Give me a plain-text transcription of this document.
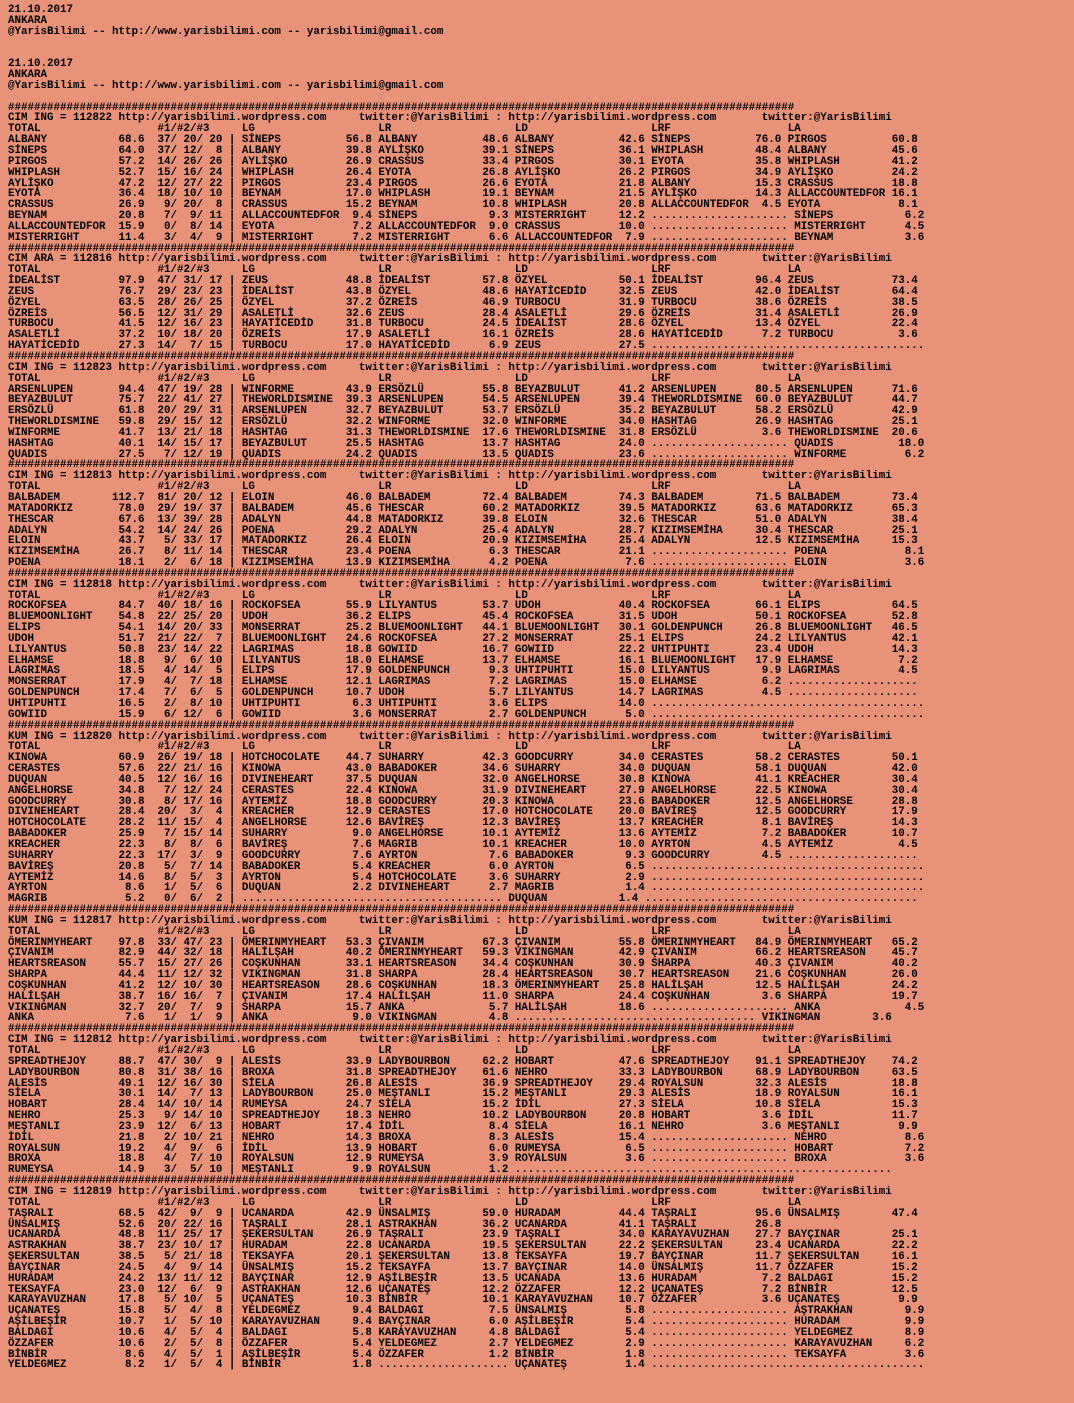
21.10.2017
ANKARA
@YarisBilimi -- http://www.yarisbilimi.com -- yarisbilimi@gmail.com

21.10.2017
ANKARA
@YarisBilimi -- http://www.yarisbilimi.com -- yarisbilimi@gmail.com

#########################################################################################################################
CIM ING = 112822 http://yarisbilimi.wordpress.com     twitter:@YarisBilimi : http://yarisbilimi.wordpress.com       twitter:@YarisBilimi
TOTAL                  #1/#2/#3     LG                   LR                   LD                   LRF                  LA
ALBANY           68.6  37/ 20/ 20 | SİNEPS          56.8 ALBANY          48.6 ALBANY          42.6 SİNEPS          76.0 PIRGOS          60.8
SİNEPS           64.0  37/ 12/  8 | ALBANY          39.8 AYLİŞKO         39.1 SİNEPS          36.1 WHIPLASH        48.4 ALBANY          45.6
PIRGOS           57.2  14/ 26/ 26 | AYLİŞKO         26.9 CRASSUS         33.4 PIRGOS          30.1 EYOTA           35.8 WHIPLASH        41.2
WHIPLASH         52.7  15/ 16/ 24 | WHIPLASH        26.4 EYOTA           26.8 AYLİŞKO         26.2 PIRGOS          34.9 AYLİŞKO         24.2
AYLİŞKO          47.2  12/ 27/ 22 | PIRGOS          23.4 PIRGOS          26.6 EYOTA           21.8 ALBANY          15.3 CRASSUS         18.8
EYOTA            36.4  18/ 10/ 10 | BEYNAM          17.0 WHIPLASH        19.1 BEYNAM          21.5 AYLİŞKO         14.3 ALLACCOUNTEDFOR 16.1
CRASSUS          26.9   9/ 20/  8 | CRASSUS         15.2 BEYNAM          10.8 WHIPLASH        20.8 ALLACCOUNTEDFOR  4.5 EYOTA            8.1
BEYNAM           20.8   7/  9/ 11 | ALLACCOUNTEDFOR  9.4 SİNEPS           9.3 MISTERRIGHT     12.2 ..................... SİNEPS           6.2
ALLACCOUNTEDFOR  15.9   0/  8/ 14 | EYOTA            7.2 ALLACCOUNTEDFOR  9.0 CRASSUS         10.0 ..................... MISTERRIGHT      4.5
MISTERRIGHT      11.4   3/  4/  9 | MISTERRIGHT      7.2 MISTERRIGHT      6.6 ALLACCOUNTEDFOR  7.9 ..................... BEYNAM           3.6
#########################################################################################################################
CIM ARA = 112816 http://yarisbilimi.wordpress.com     twitter:@YarisBilimi : http://yarisbilimi.wordpress.com       twitter:@YarisBilimi
TOTAL                  #1/#2/#3     LG                   LR                   LD                   LRF                  LA
İDEALİST         97.9  47/ 31/ 17 | ZEUS            48.8 İDEALİST        57.8 ÖZYEL           50.1 İDEALİST        96.4 ZEUS            73.4
ZEUS             76.7  29/ 23/ 23 | İDEALİST        43.8 ÖZYEL           48.6 HAYATİCEDİD     32.5 ZEUS            42.0 İDEALİST        64.4
ÖZYEL            63.5  28/ 26/ 25 | ÖZYEL           37.2 ÖZREİS          46.9 TURBOCU         31.9 TURBOCU         38.6 ÖZREİS          38.5
ÖZREİS           56.5  12/ 31/ 29 | ASALETLİ        32.6 ZEUS            28.4 ASALETLİ        29.6 ÖZREİS          31.4 ASALETLİ        26.9
TURBOCU          41.5  12/ 16/ 23 | HAYATİCEDİD     31.8 TURBOCU         24.5 İDEALİST        28.6 ÖZYEL           13.4 ÖZYEL           22.4
ASALETLİ         37.2  10/ 18/ 20 | ÖZREİS          17.9 ASALETLİ        16.1 ÖZREİS          28.6 HAYATİCEDİD      7.2 TURBOCU          3.6
HAYATİCEDİD      27.3  14/  7/ 15 | TURBOCU         17.0 HAYATİCEDİD      6.9 ZEUS            27.5 ..........................................
#########################################################################################################################
CIM ING = 112823 http://yarisbilimi.wordpress.com     twitter:@YarisBilimi : http://yarisbilimi.wordpress.com       twitter:@YarisBilimi
TOTAL                  #1/#2/#3     LG                   LR                   LD                   LRF                  LA
ARSENLUPEN       94.4  47/ 19/ 28 | WINFORME        43.9 ERSÖZLÜ         55.8 BEYAZBULUT      41.2 ARSENLUPEN      80.5 ARSENLUPEN      71.6
BEYAZBULUT       75.7  22/ 41/ 27 | THEWORLDISMINE  39.3 ARSENLUPEN      54.5 ARSENLUPEN      39.4 THEWORLDISMINE  60.0 BEYAZBULUT      44.7
ERSÖZLÜ          61.8  20/ 29/ 31 | ARSENLUPEN      32.7 BEYAZBULUT      53.7 ERSÖZLÜ         35.2 BEYAZBULUT      58.2 ERSÖZLÜ         42.9
THEWORLDISMINE   59.8  29/ 15/ 12 | ERSÖZLÜ         32.2 WINFORME        32.0 WINFORME        34.0 HASHTAG         26.9 HASHTAG         25.1
WINFORME         41.7  13/ 21/ 18 | HASHTAG         31.3 THEWORLDISMINE  17.6 THEWORLDISMINE  31.8 ERSÖZLÜ          3.6 THEWORLDISMINE  20.6
HASHTAG          40.1  14/ 15/ 17 | BEYAZBULUT      25.5 HASHTAG         13.7 HASHTAG         24.0 ..................... QUADIS          18.0
QUADIS           27.5   7/ 12/ 19 | QUADIS          24.2 QUADIS          13.5 QUADIS          23.6 ..................... WINFORME         6.2
#########################################################################################################################
CIM ING = 112813 http://yarisbilimi.wordpress.com     twitter:@YarisBilimi : http://yarisbilimi.wordpress.com       twitter:@YarisBilimi
TOTAL                  #1/#2/#3     LG                   LR                   LD                   LRF                  LA
BALBADEM        112.7  81/ 20/ 12 | ELOIN           46.0 BALBADEM        72.4 BALBADEM        74.3 BALBADEM        71.5 BALBADEM        73.4
MATADORKIZ       78.0  29/ 19/ 37 | BALBADEM        45.6 THESCAR         60.2 MATADORKIZ      39.5 MATADORKIZ      63.6 MATADORKIZ      65.3
THESCAR          67.6  13/ 39/ 28 | ADALYN          44.8 MATADORKIZ      39.8 ELOIN           32.6 THESCAR         51.0 ADALYN          38.4
ADALYN           54.2  14/ 24/ 26 | POENA           29.2 ADALYN          25.4 ADALYN          28.7 KIZIMSEMİHA     30.4 THESCAR         25.1
ELOIN            43.7   5/ 33/ 17 | MATADORKIZ      26.4 ELOIN           20.9 KIZIMSEMİHA     25.4 ADALYN          12.5 KIZIMSEMİHA     15.3
KIZIMSEMİHA      26.7   8/ 11/ 14 | THESCAR         23.4 POENA            6.3 THESCAR         21.1 ..................... POENA            8.1
POENA            18.1   2/  6/ 18 | KIZIMSEMİHA     13.9 KIZIMSEMİHA      4.2 POENA            7.6 ..................... ELOIN            3.6
#########################################################################################################################
CIM ING = 112818 http://yarisbilimi.wordpress.com     twitter:@YarisBilimi : http://yarisbilimi.wordpress.com       twitter:@YarisBilimi
TOTAL                  #1/#2/#3     LG                   LR                   LD                   LRF                  LA
ROCKOFSEA        84.7  40/ 18/ 16 | ROCKOFSEA       55.9 LILYANTUS       53.7 UDOH            40.4 ROCKOFSEA       66.1 ELIPS           64.5
BLUEMOONLIGHT    54.8  22/ 25/ 20 | UDOH            36.2 ELIPS           45.4 ROCKOFSEA       31.5 UDOH            50.1 ROCKOFSEA       52.8
ELIPS            54.1  14/ 20/ 33 | MONSERRAT       25.2 BLUEMOONLIGHT   44.1 BLUEMOONLIGHT   30.1 GOLDENPUNCH     26.8 BLUEMOONLIGHT   46.5
UDOH             51.7  21/ 22/  7 | BLUEMOONLIGHT   24.6 ROCKOFSEA       27.2 MONSERRAT       25.1 ELIPS           24.2 LILYANTUS       42.1
LILYANTUS        50.8  23/ 14/ 22 | LAGRIMAS        18.8 GOWIID          16.7 GOWIID          22.2 UHTIPUHTI       23.4 UDOH            14.3
ELHAMSE          18.8   9/  6/ 10 | LILYANTUS       18.0 ELHAMSE         13.7 ELHAMSE         16.1 BLUEMOONLIGHT   17.9 ELHAMSE          7.2
LAGRIMAS         18.5   4/ 14/  5 | ELIPS           17.9 GOLDENPUNCH      9.3 UHTIPUHTI       15.0 LILYANTUS        9.9 LAGRIMAS         4.5
MONSERRAT        17.9   4/  7/ 18 | ELHAMSE         12.1 LAGRIMAS         7.2 LAGRIMAS        15.0 ELHAMSE          6.2 ....................
GOLDENPUNCH      17.4   7/  6/  5 | GOLDENPUNCH     10.7 UDOH             5.7 LILYANTUS       14.7 LAGRIMAS         4.5 ....................
UHTIPUHTI        16.5   2/  8/ 10 | UHTIPUHTI        6.3 UHTIPUHTI        3.6 ELIPS           14.0 ..........................................
GOWIID           15.9   6/ 12/  6 | GOWIID           3.6 MONSERRAT        2.7 GOLDENPUNCH      5.0 ..........................................
#########################################################################################################################
KUM ING = 112820 http://yarisbilimi.wordpress.com     twitter:@YarisBilimi : http://yarisbilimi.wordpress.com       twitter:@YarisBilimi
TOTAL                  #1/#2/#3     LG                   LR                   LD                   LRF                  LA
KINOWA           60.9  26/ 19/ 18 | HOTCHOCOLATE    44.7 SUHARRY         42.3 GOODCURRY       34.0 CERASTES        58.2 CERASTES        50.1
CERASTES         57.6  22/ 21/ 16 | KINOWA          43.0 BABADOKER       34.6 SUHARRY         34.0 DUQUAN          58.1 DUQUAN          42.0
DUQUAN           40.5  12/ 16/ 16 | DIVINEHEART     37.5 DUQUAN          32.0 ANGELHORSE      30.8 KINOWA          41.1 KREACHER        30.4
ANGELHORSE       34.8   7/ 12/ 24 | CERASTES        22.4 KINOWA          31.9 DIVINEHEART     27.9 ANGELHORSE      22.5 KINOWA          30.4
GOODCURRY        30.8   8/ 17/ 16 | AYTEMİZ         18.8 GOODCURRY       20.3 KINOWA          23.6 BABADOKER       12.5 ANGELHORSE      28.8
DIVINEHEART      28.4  20/  3/  4 | KREACHER        12.9 CERASTES        17.0 HOTCHOCOLATE    20.0 BAVİREŞ         12.5 GOODCURRY       17.9
HOTCHOCOLATE     28.2  11/ 15/  4 | ANGELHORSE      12.6 BAVİREŞ         12.3 BAVİREŞ         13.7 KREACHER         8.1 BAVİREŞ         14.3
BABADOKER        25.9   7/ 15/ 14 | SUHARRY          9.0 ANGELHORSE      10.1 AYTEMİZ         13.6 AYTEMİZ          7.2 BABADOKER       10.7
KREACHER         22.3   8/  8/  6 | BAVİREŞ          7.6 MAGRIB          10.1 KREACHER        10.0 AYRTON           4.5 AYTEMİZ          4.5
SUHARRY          22.3  17/  3/  9 | GOODCURRY        7.6 AYRTON           7.6 BABADOKER        9.3 GOODCURRY        4.5 ....................
BAVİREŞ          20.8   5/  7/ 14 | BABADOKER        5.4 KREACHER         6.0 AYRTON           6.5 ..........................................
AYTEMİZ          14.6   8/  5/  3 | AYRTON           5.4 HOTCHOCOLATE     3.6 SUHARRY          2.9 ..........................................
AYRTON            8.6   1/  5/  6 | DUQUAN           2.2 DIVINEHEART      2.7 MAGRIB           1.4 ..........................................
MAGRIB            5.2   0/  6/  2 | ........................................ DUQUAN           1.4 ..........................................
#########################################################################################################################
KUM ING = 112817 http://yarisbilimi.wordpress.com     twitter:@YarisBilimi : http://yarisbilimi.wordpress.com       twitter:@YarisBilimi
TOTAL                  #1/#2/#3     LG                   LR                   LD                   LRF                  LA
ÖMERINMYHEART    97.8  33/ 47/ 23 | ÖMERINMYHEART   53.3 ÇIVANIM         67.3 ÇIVANIM         55.8 ÖMERINMYHEART   84.9 ÖMERINMYHEART   65.2
ÇIVANIM          82.9  44/ 32/ 18 | HALİLŞAH        40.2 ÖMERINMYHEART   59.3 VIKINGMAN       42.9 ÇIVANIM         66.2 HEARTSREASON    45.7
HEARTSREASON     55.7  15/ 27/ 26 | COŞKUNHAN       33.1 HEARTSREASON    34.4 COŞKUNHAN       30.9 SHARPA          40.3 ÇIVANIM         40.2
SHARPA           44.4  11/ 12/ 32 | VIKINGMAN       31.8 SHARPA          28.4 HEARTSREASON    30.7 HEARTSREASON    21.6 COŞKUNHAN       26.0
COŞKUNHAN        41.2  12/ 10/ 30 | HEARTSREASON    28.6 COŞKUNHAN       18.3 ÖMERINMYHEART   25.8 HALİLŞAH        12.5 HALİLŞAH        24.2
HALİLŞAH         38.7  16/ 16/  7 | ÇIVANIM         17.4 HALİLŞAH        11.0 SHARPA          24.4 COŞKUNHAN        3.6 SHARPA          19.7
VIKINGMAN        32.7  20/  7/  9 | SHARPA          15.7 ANKA             5.7 HALİLŞAH        18.6 ..................... ANKA             4.5
ANKA              7.6   1/  1/  9 | ANKA             9.0 VIKINGMAN        4.8 ..................................... VIKINGMAN        3.6
#########################################################################################################################
CIM ING = 112812 http://yarisbilimi.wordpress.com     twitter:@YarisBilimi : http://yarisbilimi.wordpress.com       twitter:@YarisBilimi
TOTAL                  #1/#2/#3     LG                   LR                   LD                   LRF                  LA
SPREADTHEJOY     88.7  47/ 30/  9 | ALESİS          33.9 LADYBOURBON     62.2 HOBART          47.6 SPREADTHEJOY    91.1 SPREADTHEJOY    74.2
LADYBOURBON      80.8  31/ 38/ 16 | BROXA           31.8 SPREADTHEJOY    61.6 NEHRO           33.3 LADYBOURBON     68.9 LADYBOURBON     63.5
ALESİS           49.1  12/ 16/ 30 | SİELA           26.8 ALESİS          36.9 SPREADTHEJOY    29.4 ROYALSUN        32.3 ALESİS          18.8
SİELA            30.1  14/  7/ 13 | LADYBOURBON     25.0 MEŞTANLI        15.2 MEŞTANLI        29.3 ALESİS          18.9 ROYALSUN        16.1
HOBART           28.4  14/ 10/ 14 | RUMEYSA         24.7 SİELA           15.2 İDİL            27.3 SİELA           10.8 SİELA           15.3
NEHRO            25.3   9/ 14/ 10 | SPREADTHEJOY    18.3 NEHRO           10.2 LADYBOURBON     20.8 HOBART           3.6 İDİL            11.7
MEŞTANLI         23.9  12/  6/ 13 | HOBART          17.4 İDİL             8.4 SİELA           16.1 NEHRO            3.6 MEŞTANLI         9.9
İDİL             21.8   2/ 10/ 21 | NEHRO           14.3 BROXA            8.3 ALESİS          15.4 ..................... NEHRO            8.6
ROYALSUN         19.2   4/  9/  6 | İDİL            13.9 HOBART           6.0 RUMEYSA          6.5 ..................... HOBART           7.2
BROXA            18.8   4/  7/ 10 | ROYALSUN        12.9 RUMEYSA          3.9 ROYALSUN         3.6 ..................... BROXA            3.6
RUMEYSA          14.9   3/  5/ 10 | MEŞTANLI         9.9 ROYALSUN         1.2 ..........................................................
#########################################################################################################################
CIM ING = 112819 http://yarisbilimi.wordpress.com     twitter:@YarisBilimi : http://yarisbilimi.wordpress.com       twitter:@YarisBilimi
TOTAL                  #1/#2/#3     LG                   LR                   LD                   LRF                  LA
TAŞRALI          68.5  42/  9/  9 | UCANARDA        42.9 ÜNSALMIŞ        59.0 HURADAM         44.4 TAŞRALI         95.6 ÜNSALMIŞ        47.4
ÜNSALMIŞ         52.6  20/ 22/ 16 | TAŞRALI         28.1 ASTRAKHAN       36.2 UCANARDA        41.1 TAŞRALI         26.8
UCANARDA         48.8  11/ 25/ 17 | ŞEKERSULTAN     26.9 TAŞRALI         23.9 TAŞRALI         34.0 KARAYAVUZHAN    27.7 BAYÇINAR        25.1
ASTRAKHAN        38.7  23/ 10/ 17 | HURADAM         22.8 UCANARDA        19.5 ŞEKERSULTAN     22.2 ŞEKERSULTAN     23.4 UCANARDA        22.2
ŞEKERSULTAN      38.5   5/ 21/ 18 | TEKSAYFA        20.1 ŞEKERSULTAN     13.8 TEKSAYFA        19.7 BAYÇINAR        11.7 ŞEKERSULTAN     16.1
BAYÇINAR         24.5   4/  9/ 14 | ÜNSALMIŞ        15.2 TEKSAYFA        13.7 BAYÇINAR        14.0 ÜNSALMIŞ        11.7 ÖZZAFER         15.2
HURADAM          24.2  13/ 11/ 12 | BAYÇINAR        12.9 AŞİLBEŞİR       13.5 UCANADA         13.6 HURADAM          7.2 BALDAGI         15.2
TEKSAYFA         23.0  12/  6/  9 | ASTRAKHAN       12.6 UÇANATEŞ        12.2 ÖZZAFER         12.2 UÇANATEŞ         7.2 BİNBİR          12.5
KARAYAVUZHAN     17.8   5/ 10/  5 | UÇANATEŞ        10.3 BİNBİR          10.1 KARAYAVUZHAN    10.7 ÖZZAFER          3.6 UÇANATEŞ         9.9
UÇANATEŞ         15.8   5/  4/  8 | YELDEGMEZ        9.4 BALDAGI          7.5 ÜNSALMIŞ         5.8 ..................... AŞTRAKHAN        9.9
AŞİLBEŞİR        10.7   1/  5/ 10 | KARAYAVUZHAN     9.4 BAYÇINAR         6.0 AŞİLBEŞİR        5.4 ..................... HURADAM          9.9
BALDAGI          10.6   4/  5/  4 | BALDAGI          5.8 KARAYAVUZHAN     4.8 BALDAGI          5.4 ..................... YELDEGMEZ        8.9
ÖZZAFER          10.6   2/  5/  8 | ÖZZAFER          5.4 YELDEGMEZ        2.7 YELDEGMEZ        2.9 ..................... KARAYAVUZHAN     6.2
BİNBİR            8.6   4/  5/  1 | AŞİLBEŞİR        5.4 ÖZZAFER          1.2 BİNBİR           1.8 ..................... TEKSAYFA         3.6
YELDEGMEZ         8.2   1/  5/  4 | BİNBİR           1.8 .................... UÇANATEŞ         1.4 ..........................................
